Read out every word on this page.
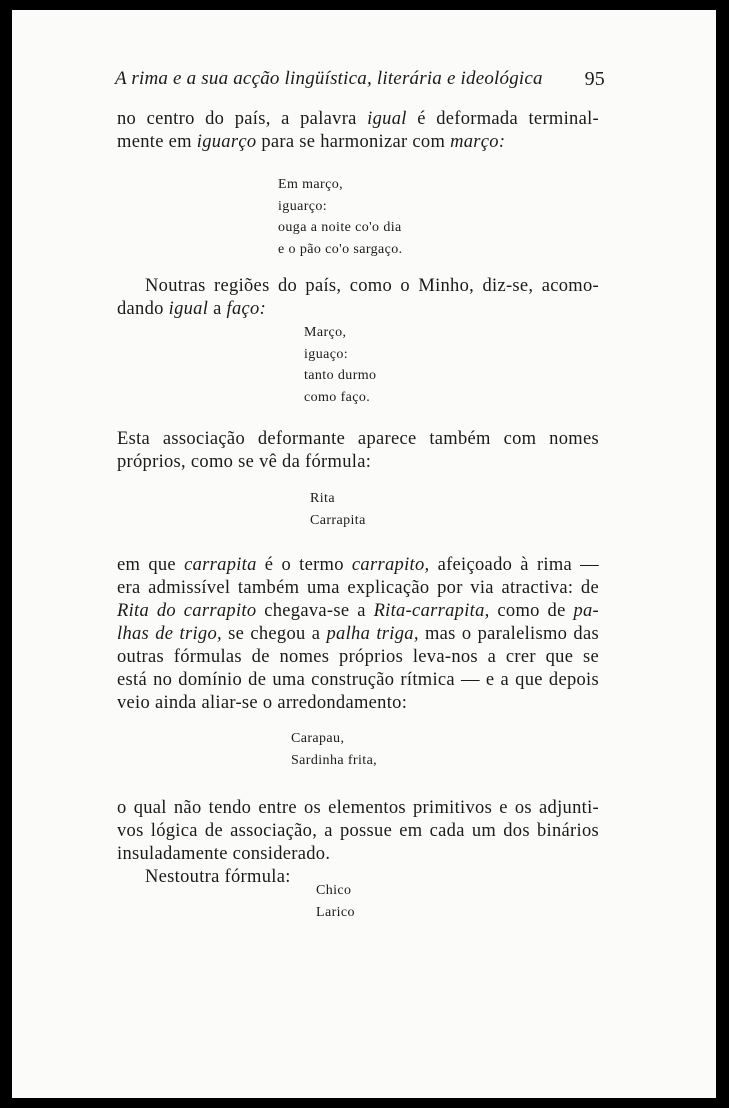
A rima e a sua acção lingüística, literária e ideológica 95
no centro do país, a palavra igual é deformada terminal-
mente em iguarço para se harmonizar com março:
Em março,
iguarço:
ouga a noite co'o dia
e o pão co'o sargaço.
Noutras regiões do país, como o Minho, diz-se, acomo-
dando igual a faço:
Março,
iguaço:
tanto durmo
como faço.
Esta associação deformante aparece também com nomes
próprios, como se vê da fórmula:
Rita
Carrapita
em que carrapita é o termo carrapito, afeiçoado à rima —
era admissível também uma explicação por via atractiva: de
Rita do carrapito chegava-se a Rita-carrapita, como de pa-
lhas de trigo, se chegou a palha triga, mas o paralelismo das
outras fórmulas de nomes próprios leva-nos a crer que se
está no domínio de uma construção rítmica — e a que depois
veio ainda aliar-se o arredondamento:
Carapau,
Sardinha frita,
o qual não tendo entre os elementos primitivos e os adjunti-
vos lógica de associação, a possue em cada um dos binários
insuladamente considerado.
Nestoutra fórmula:
Chico
Larico
